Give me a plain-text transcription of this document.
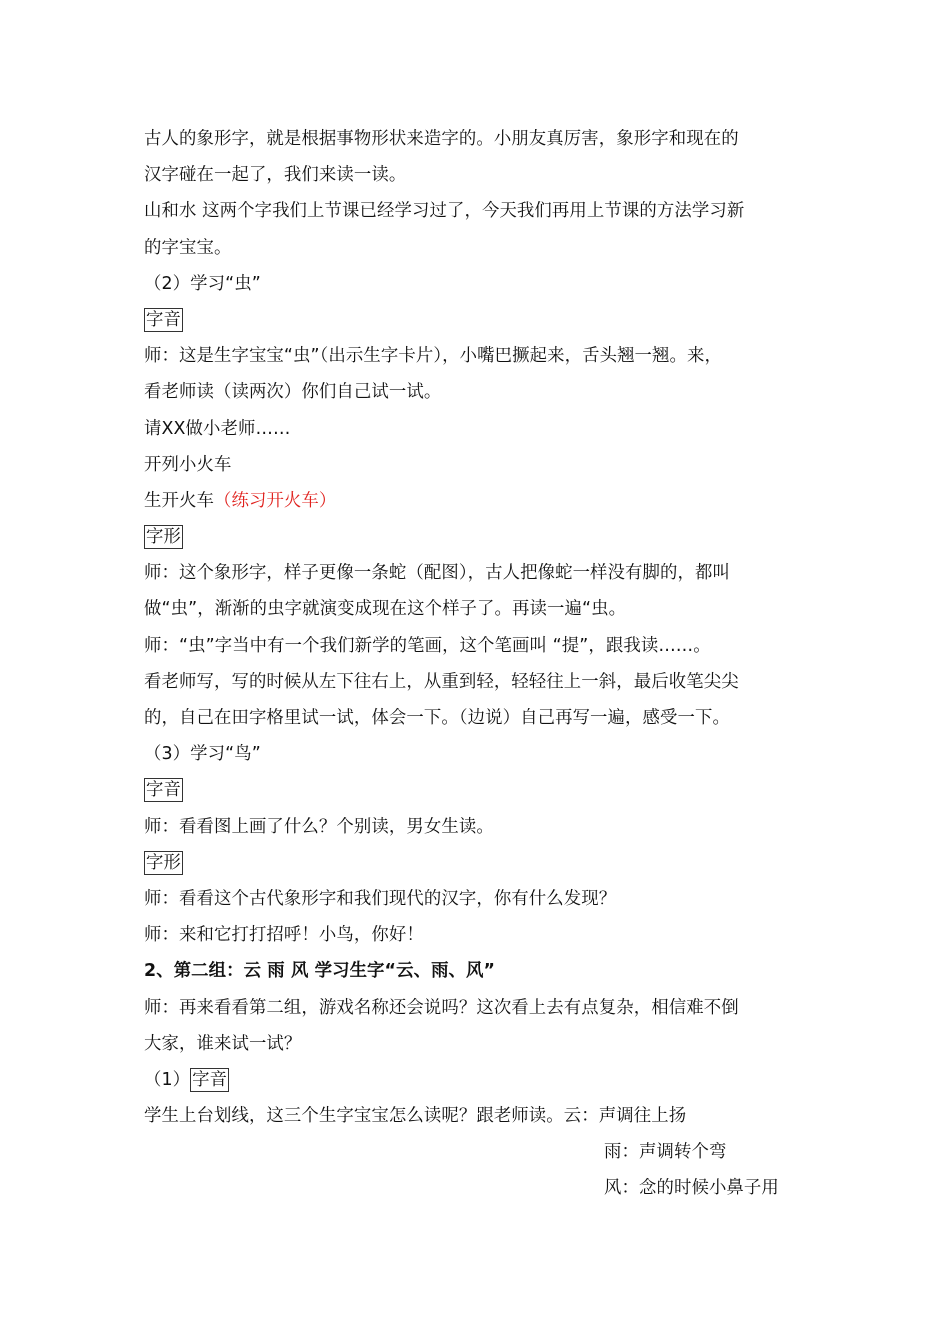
古人的象形字，就是根据事物形状来造字的。小朋友真厉害，象形字和现在的
汉字碰在一起了，我们来读一读。
山和水 这两个字我们上节课已经学习过了，今天我们再用上节课的方法学习新
的字宝宝。
（2）学习“虫”
字音
师：这是生字宝宝“虫”（出示生字卡片），小嘴巴撅起来，舌头翘一翘。来，
看老师读（读两次）你们自己试一试。
请XX做小老师……
开列小火车
生开火车（练习开火车）
字形
师：这个象形字，样子更像一条蛇（配图），古人把像蛇一样没有脚的，都叫
做“虫”，渐渐的虫字就演变成现在这个样子了。再读一遍“虫。
师：“虫”字当中有一个我们新学的笔画，这个笔画叫 “提”，跟我读……。
看老师写，写的时候从左下往右上，从重到轻，轻轻往上一斜，最后收笔尖尖
的，自己在田字格里试一试，体会一下。（边说）自己再写一遍，感受一下。
（3）学习“鸟”
字音
师：看看图上画了什么？个别读，男女生读。
字形
师：看看这个古代象形字和我们现代的汉字，你有什么发现？
师：来和它打打招呼！小鸟，你好！
2、第二组：云 雨 风 学习生字“云、雨、风”
师：再来看看第二组，游戏名称还会说吗？这次看上去有点复杂，相信难不倒
大家，谁来试一试？
（1） 字音
学生上台划线，这三个生字宝宝怎么读呢？跟老师读。云：声调往上扬
雨：声调转个弯
风：念的时候小鼻子用
